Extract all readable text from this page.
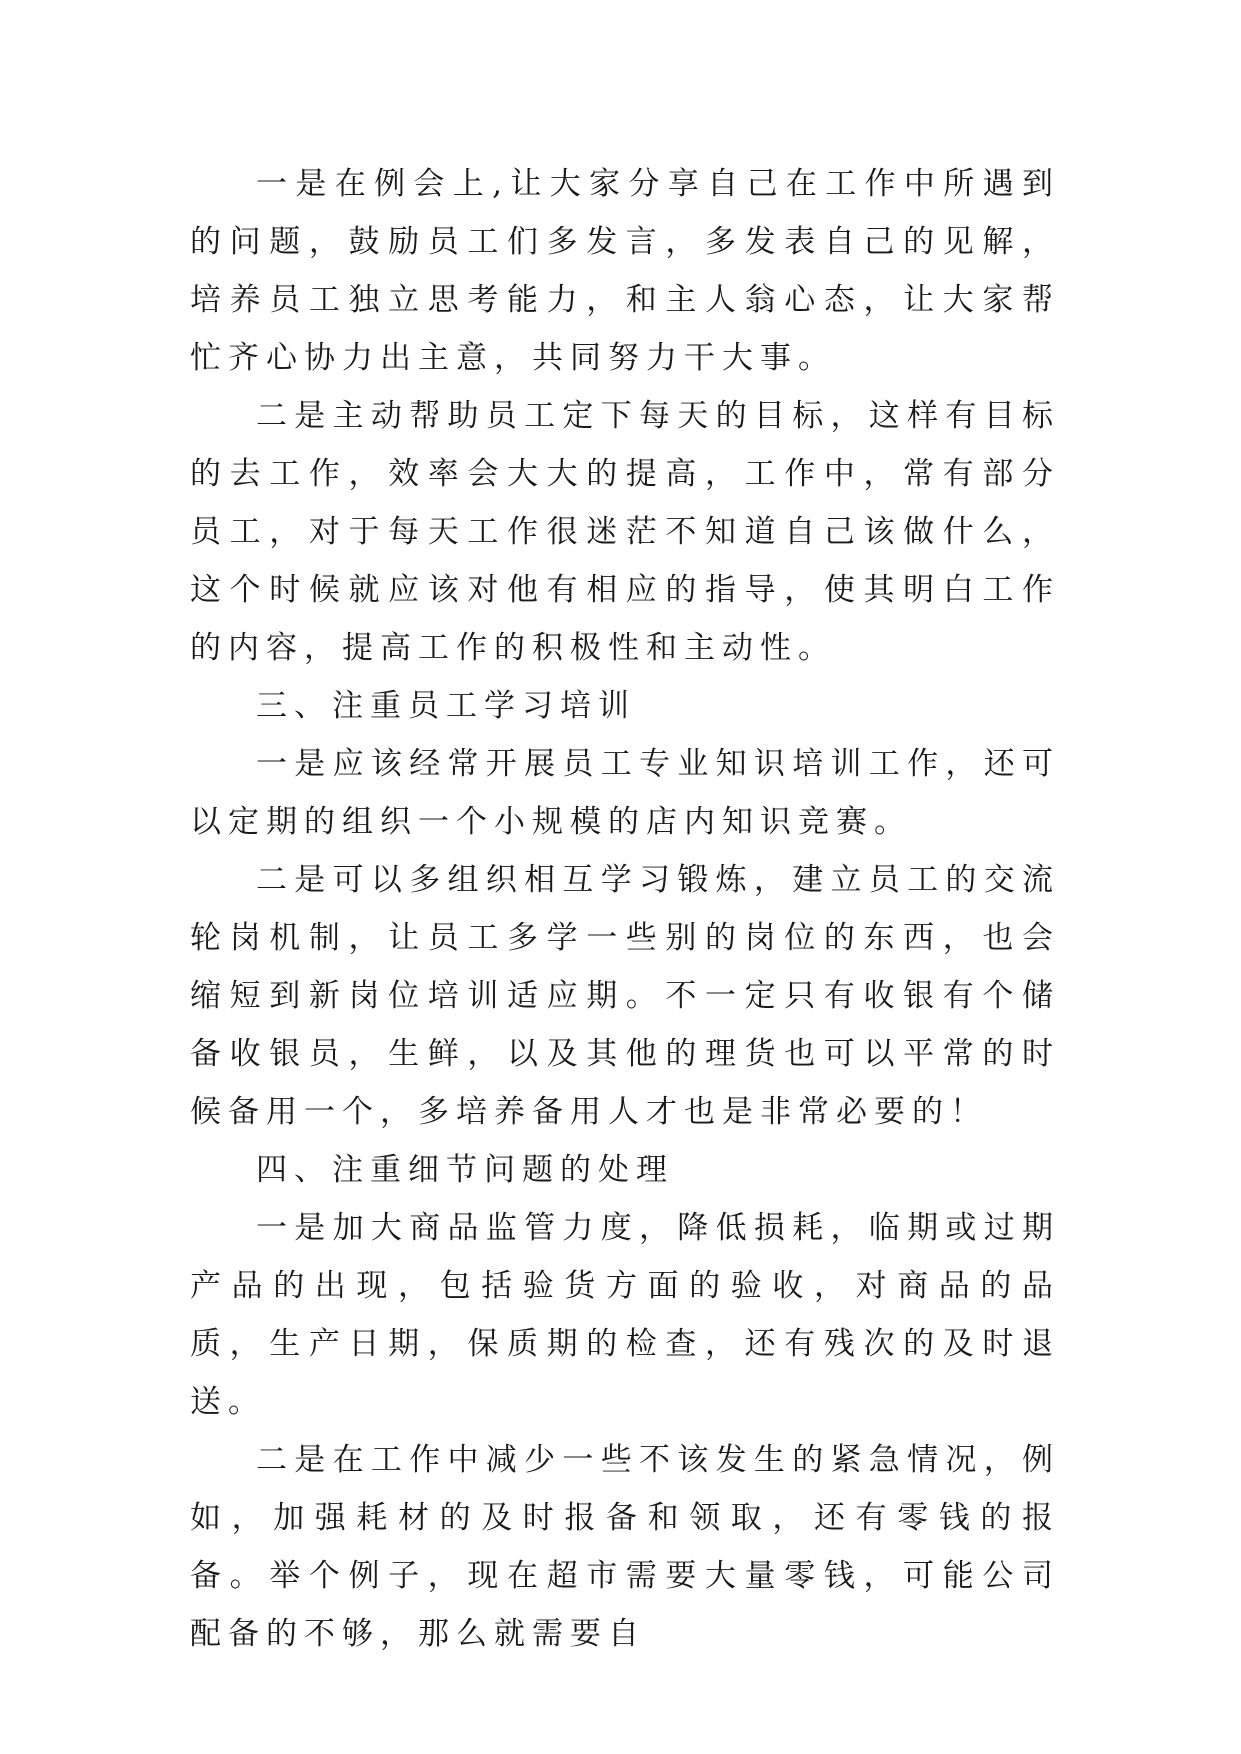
一是在例会上,让大家分享自己在工作中所遇到的问题，鼓励员工们多发言，多发表自己的见解，培养员工独立思考能力，和主人翁心态，让大家帮忙齐心协力出主意，共同努力干大事。

二是主动帮助员工定下每天的目标，这样有目标的去工作，效率会大大的提高，工作中，常有部分员工，对于每天工作很迷茫不知道自己该做什么，这个时候就应该对他有相应的指导，使其明白工作的内容，提高工作的积极性和主动性。

三、注重员工学习培训

一是应该经常开展员工专业知识培训工作，还可以定期的组织一个小规模的店内知识竞赛。

二是可以多组织相互学习锻炼，建立员工的交流轮岗机制，让员工多学一些别的岗位的东西，也会缩短到新岗位培训适应期。不一定只有收银有个储备收银员，生鲜，以及其他的理货也可以平常的时候备用一个，多培养备用人才也是非常必要的！

四、注重细节问题的处理

一是加大商品监管力度，降低损耗，临期或过期产品的出现，包括验货方面的验收，对商品的品质，生产日期，保质期的检查，还有残次的及时退送。

二是在工作中减少一些不该发生的紧急情况，例如，加强耗材的及时报备和领取，还有零钱的报备。举个例子，现在超市需要大量零钱，可能公司配备的不够，那么就需要自
